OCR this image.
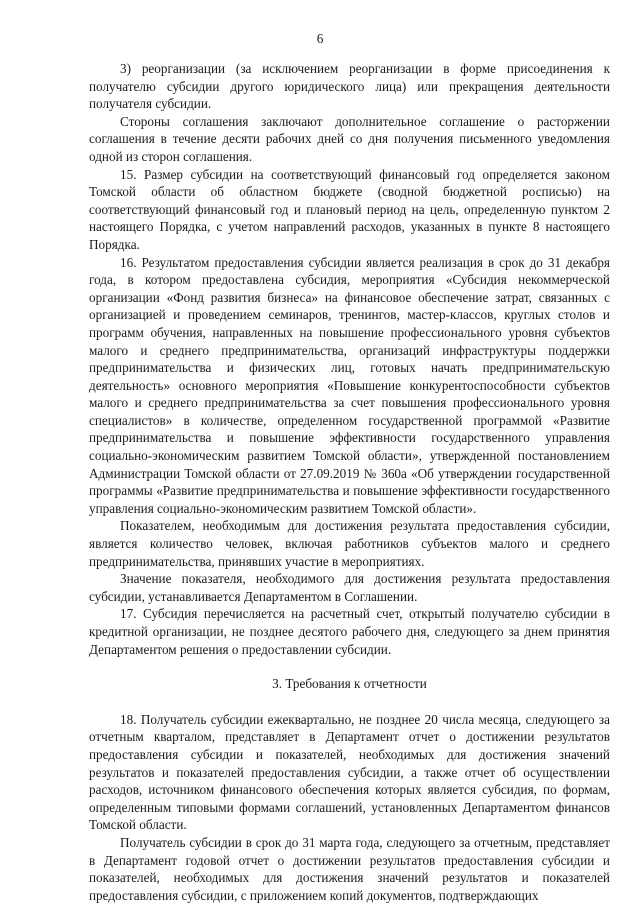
6

3) реорганизации (за исключением реорганизации в форме присоединения к получателю субсидии другого юридического лица) или прекращения деятельности получателя субсидии.

Стороны соглашения заключают дополнительное соглашение о расторжении соглашения в течение десяти рабочих дней со дня получения письменного уведомления одной из сторон соглашения.

15. Размер субсидии на соответствующий финансовый год определяется законом Томской области об областном бюджете (сводной бюджетной росписью) на соответствующий финансовый год и плановый период на цель, определенную пунктом 2 настоящего Порядка, с учетом направлений расходов, указанных в пункте 8 настоящего Порядка.

16. Результатом предоставления субсидии является реализация в срок до 31 декабря года, в котором предоставлена субсидия, мероприятия «Субсидия некоммерческой организации «Фонд развития бизнеса» на финансовое обеспечение затрат, связанных с организацией и проведением семинаров, тренингов, мастер-классов, круглых столов и программ обучения, направленных на повышение профессионального уровня субъектов малого и среднего предпринимательства, организаций инфраструктуры поддержки предпринимательства и физических лиц, готовых начать предпринимательскую деятельность» основного мероприятия «Повышение конкурентоспособности субъектов малого и среднего предпринимательства за счет повышения профессионального уровня специалистов» в количестве, определенном государственной программой «Развитие предпринимательства и повышение эффективности государственного управления социально-экономическим развитием Томской области», утвержденной постановлением Администрации Томской области от 27.09.2019 № 360а «Об утверждении государственной программы «Развитие предпринимательства и повышение эффективности государственного управления социально-экономическим развитием Томской области».

Показателем, необходимым для достижения результата предоставления субсидии, является количество человек, включая работников субъектов малого и среднего предпринимательства, принявших участие в мероприятиях.

Значение показателя, необходимого для достижения результата предоставления субсидии, устанавливается Департаментом в Соглашении.

17. Субсидия перечисляется на расчетный счет, открытый получателю субсидии в кредитной организации, не позднее десятого рабочего дня, следующего за днем принятия Департаментом решения о предоставлении субсидии.

3. Требования к отчетности

18. Получатель субсидии ежеквартально, не позднее 20 числа месяца, следующего за отчетным кварталом, представляет в Департамент отчет о достижении результатов предоставления субсидии и показателей, необходимых для достижения значений результатов и показателей предоставления субсидии, а также отчет об осуществлении расходов, источником финансового обеспечения которых является субсидия, по формам, определенным типовыми формами соглашений, установленных Департаментом финансов Томской области.

Получатель субсидии в срок до 31 марта года, следующего за отчетным, представляет в Департамент годовой отчет о достижении результатов предоставления субсидии и показателей, необходимых для достижения значений результатов и показателей предоставления субсидии, с приложением копий документов, подтверждающих
